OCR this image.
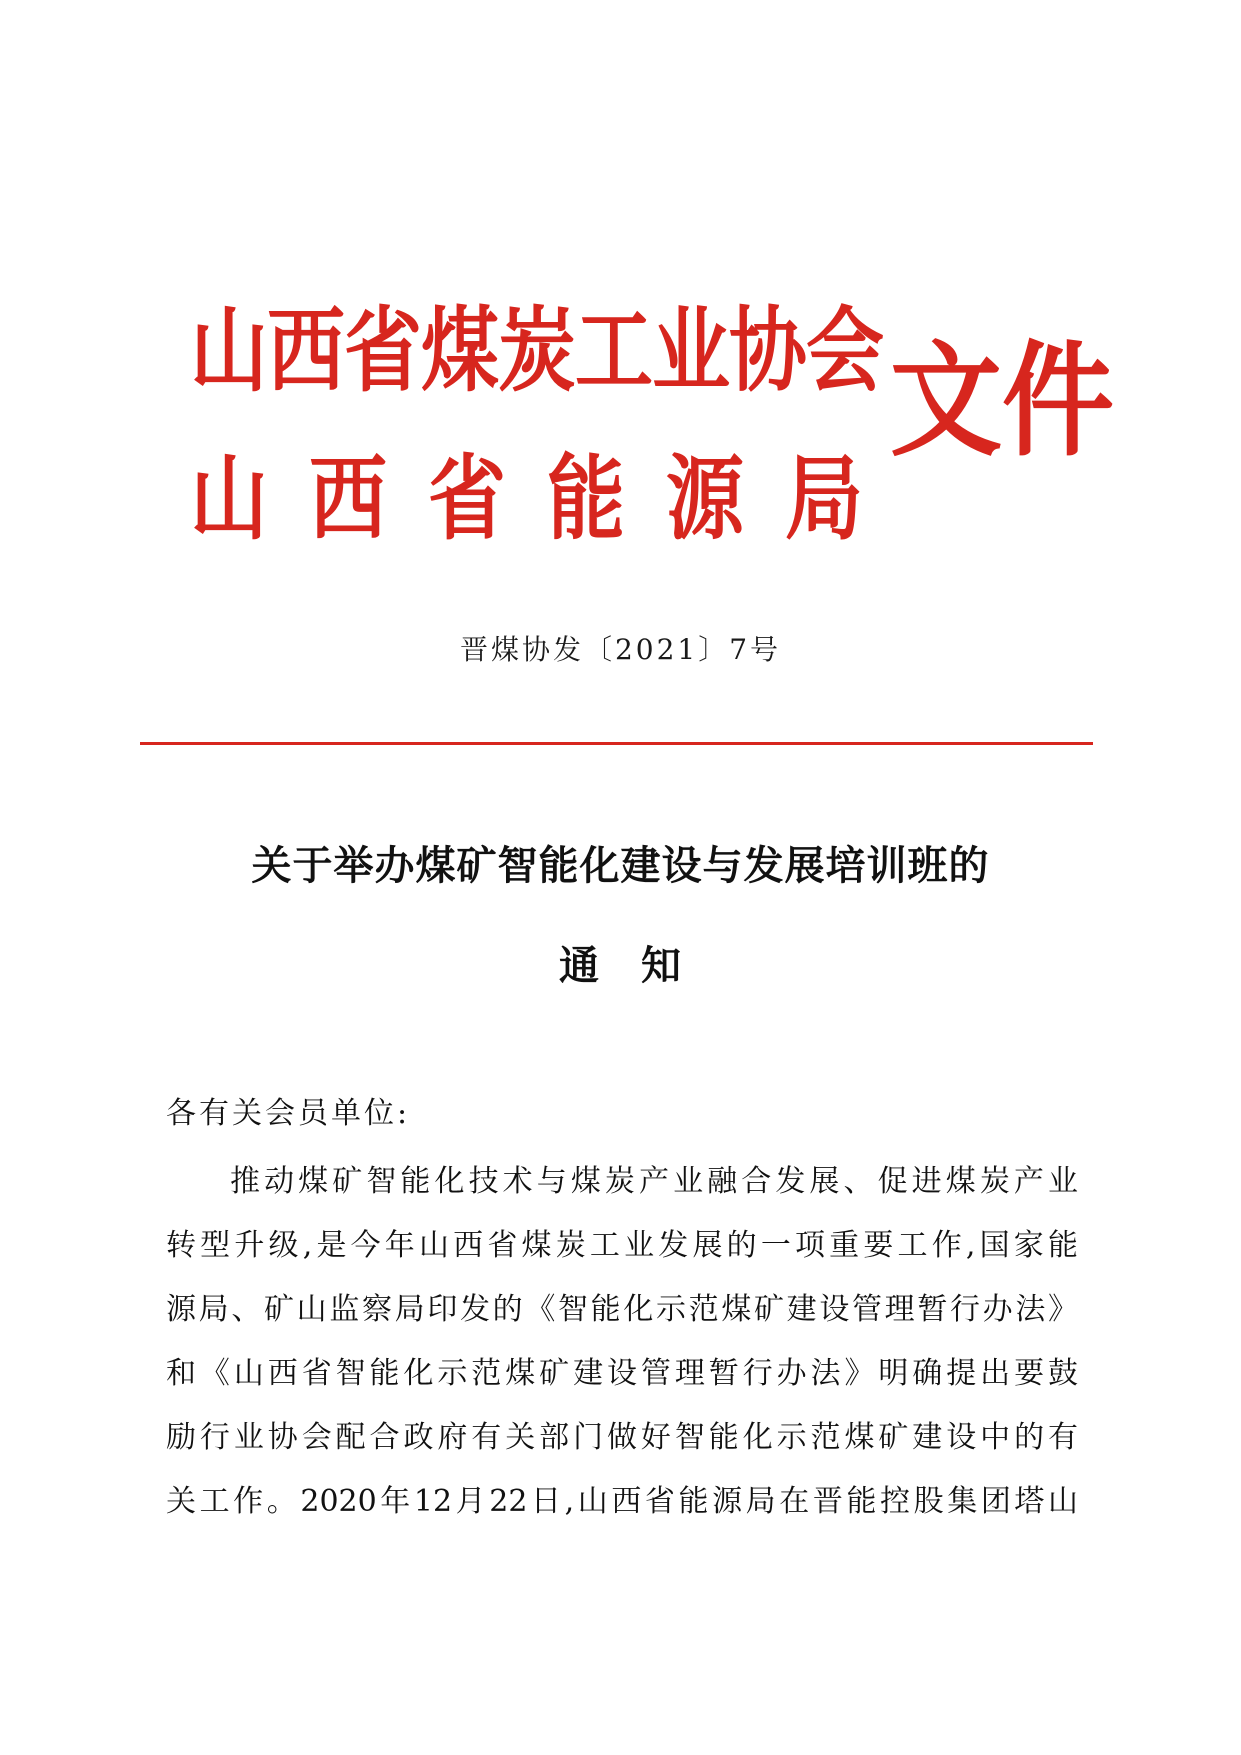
山西省煤炭工业协会
山西省能源局
文件
晋煤协发〔2021〕7号
关于举办煤矿智能化建设与发展培训班的
通　知
各有关会员单位:
推动煤矿智能化技术与煤炭产业融合发展、促进煤炭产业
转型升级,是今年山西省煤炭工业发展的一项重要工作,国家能
源局、矿山监察局印发的《智能化示范煤矿建设管理暂行办法》
和《山西省智能化示范煤矿建设管理暂行办法》明确提出要鼓
励行业协会配合政府有关部门做好智能化示范煤矿建设中的有
关工作。2020年12月22日,山西省能源局在晋能控股集团塔山
